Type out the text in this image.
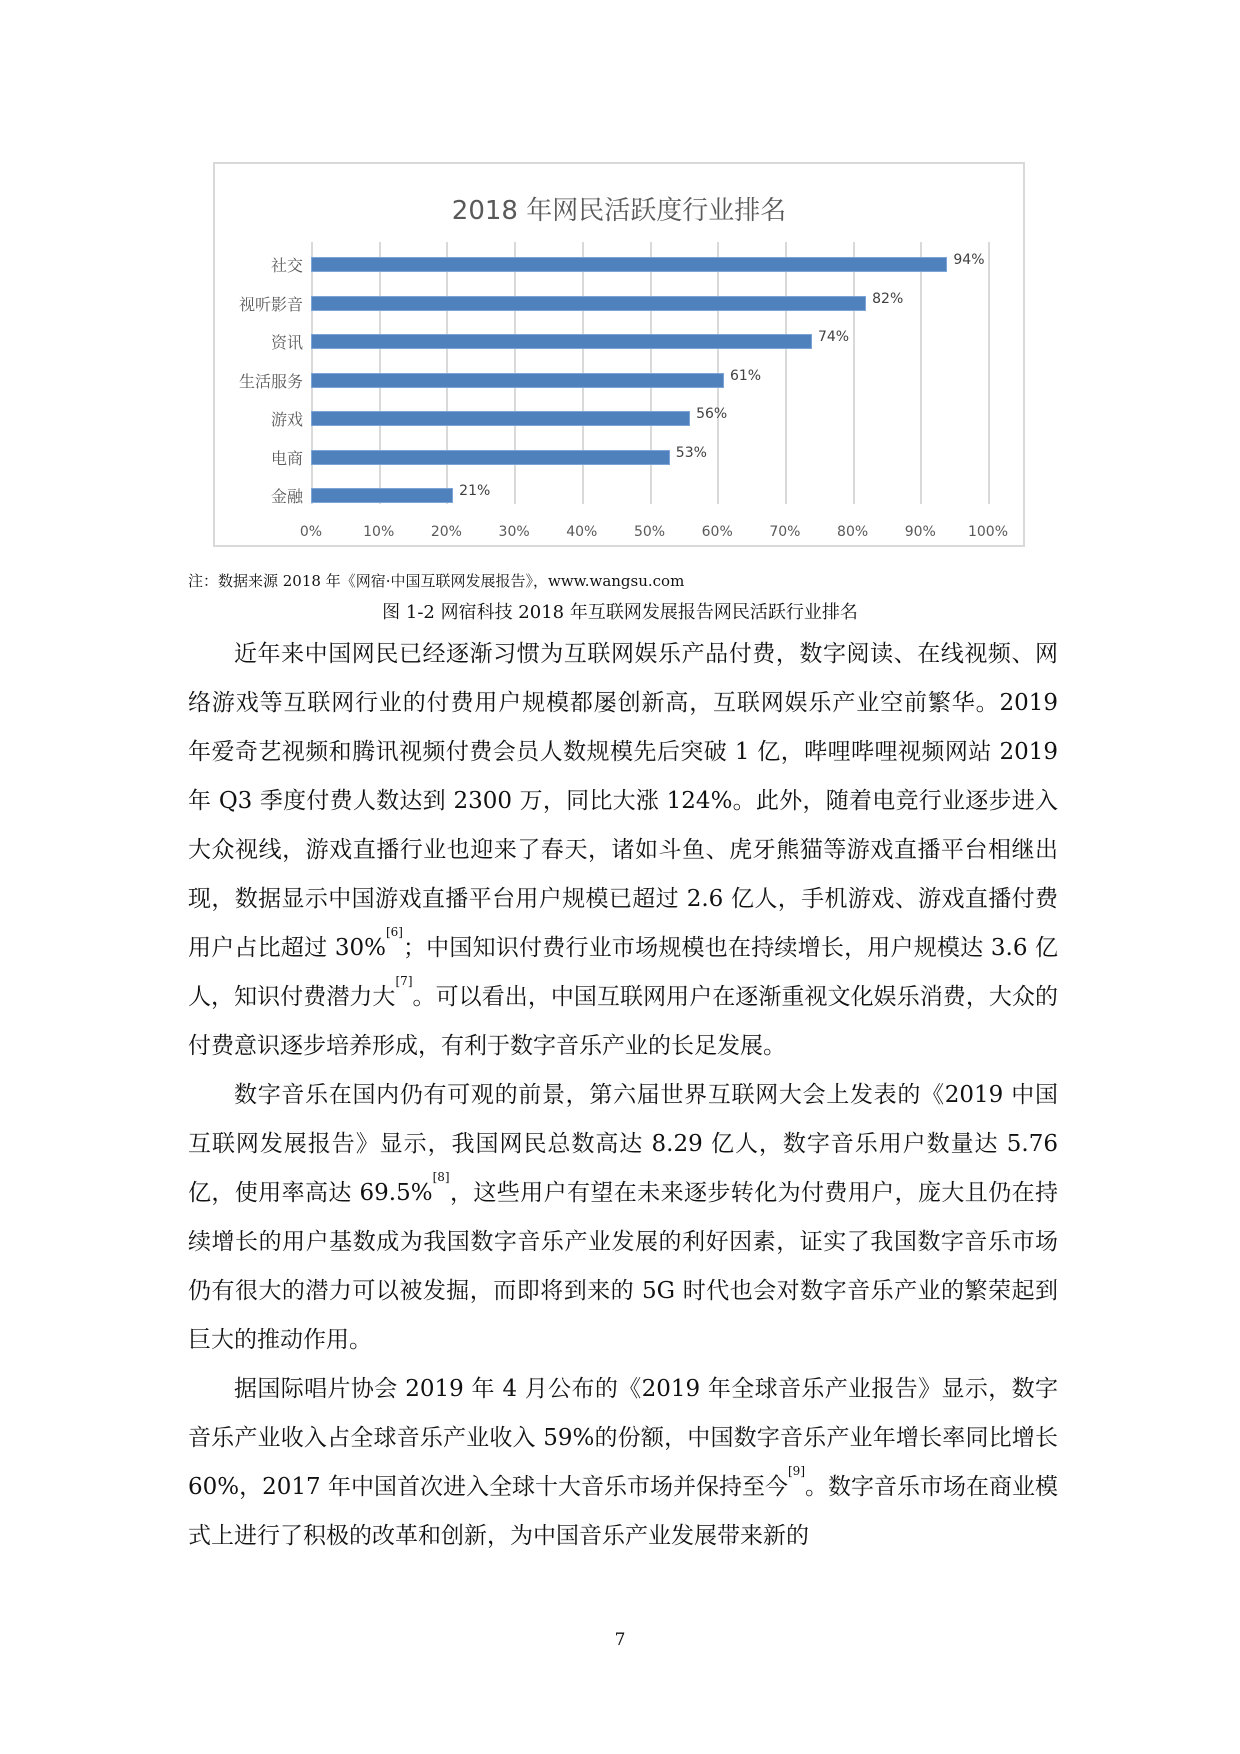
2018 年网民活跃度行业排名
社交	94%
视听影音	82%
资讯	74%
生活服务	61%
游戏	56%
电商	53%
金融	21%
0%	10%	20%	30%	40%	50%	60%	70%	80%	90% 100%
注：数据来源 2018 年《网宿·中国互联网发展报告》，www.wangsu.com
图 1-2 网宿科技 2018 年互联网发展报告网民活跃行业排名

近年来中国网民已经逐渐习惯为互联网娱乐产品付费，数字阅读、在线视频、网络游戏等互联网行业的付费用户规模都屡创新高，互联网娱乐产业空前繁华。2019 年爱奇艺视频和腾讯视频付费会员人数规模先后突破 1 亿，哔哩哔哩视频网站 2019 年 Q3 季度付费人数达到 2300 万，同比大涨 124%。此外，随着电竞行业逐步进入大众视线，游戏直播行业也迎来了春天，诸如斗鱼、虎牙熊猫等游戏直播平台相继出现，数据显示中国游戏直播平台用户规模已超过 2.6 亿人，手机游戏、游戏直播付费用户占比超过 30%[6]；中国知识付费行业市场规模也在持续增长，用户规模达 3.6 亿人，知识付费潜力大[7]。可以看出，中国互联网用户在逐渐重视文化娱乐消费，大众的付费意识逐步培养形成，有利于数字音乐产业的长足发展。

数字音乐在国内仍有可观的前景，第六届世界互联网大会上发表的《2019 中国互联网发展报告》显示，我国网民总数高达 8.29 亿人，数字音乐用户数量达 5.76 亿，使用率高达 69.5%[8]，这些用户有望在未来逐步转化为付费用户，庞大且仍在持续增长的用户基数成为我国数字音乐产业发展的利好因素，证实了我国数字音乐市场仍有很大的潜力可以被发掘，而即将到来的 5G 时代也会对数字音乐产业的繁荣起到巨大的推动作用。

据国际唱片协会 2019 年 4 月公布的《2019 年全球音乐产业报告》显示，数字音乐产业收入占全球音乐产业收入 59%的份额，中国数字音乐产业年增长率同比增长 60%，2017 年中国首次进入全球十大音乐市场并保持至今[9]。数字音乐市场在商业模式上进行了积极的改革和创新，为中国音乐产业发展带来新的

7
